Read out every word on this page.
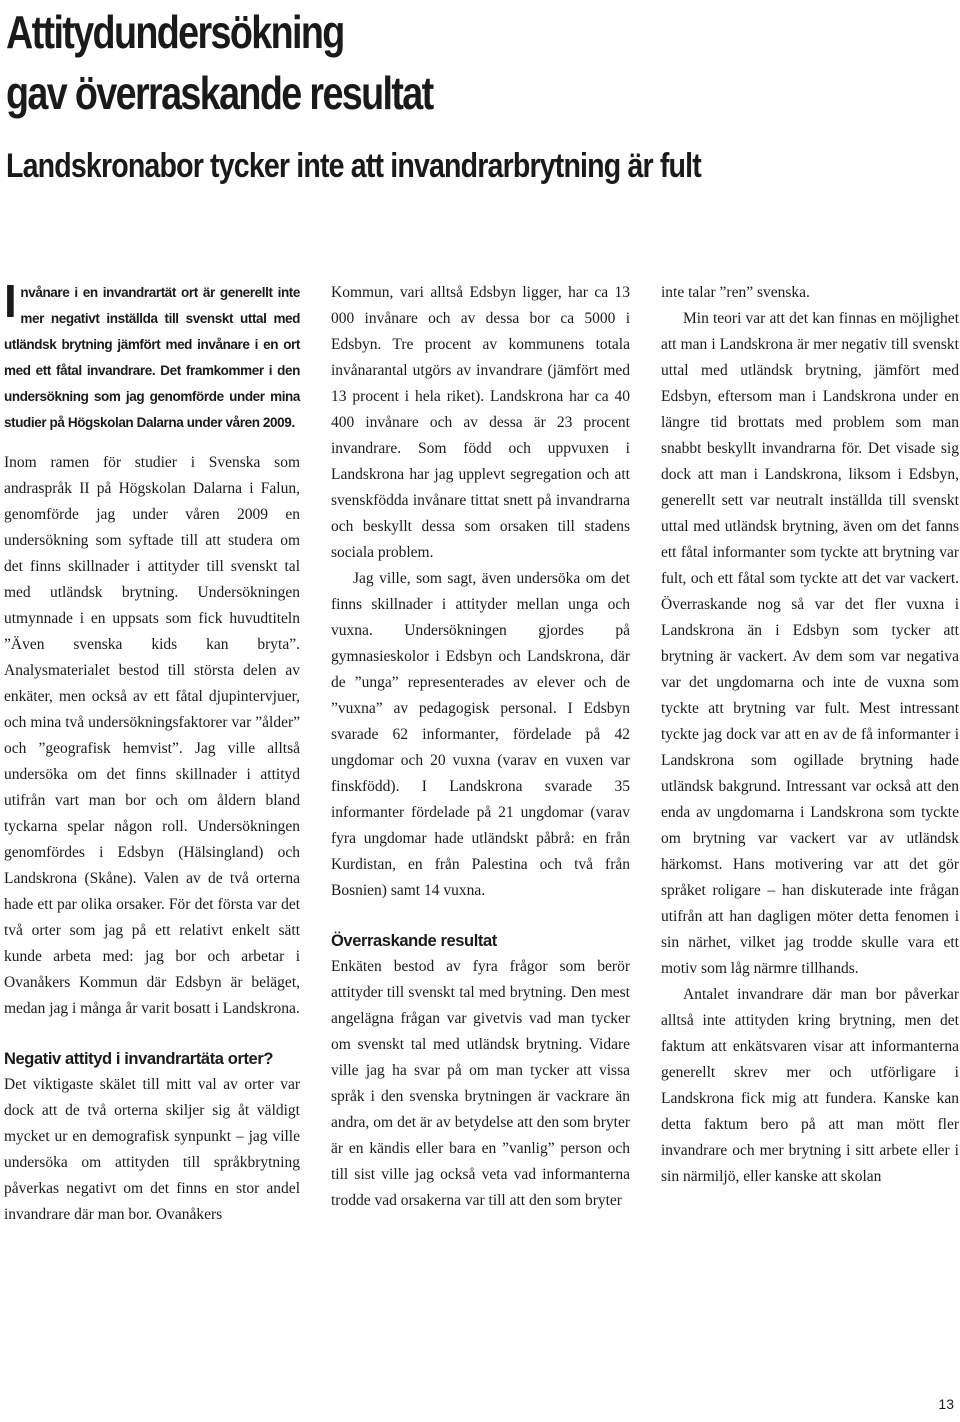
Attitydundersökning
gav överraskande resultat
Landskronabor tycker inte att invandrarbrytning är fult

Invånare i en invandrartät ort är generellt inte mer negativt inställda till svenskt uttal med utländsk brytning jämfört med invånare i en ort med ett fåtal invandrare. Det framkommer i den undersökning som jag genomförde under mina studier på Högskolan Dalarna under våren 2009.

Inom ramen för studier i Svenska som andraspråk II på Högskolan Dalarna i Falun, genomförde jag under våren 2009 en undersökning som syftade till att studera om det finns skillnader i attityder till svenskt tal med utländsk brytning. Undersökningen utmynnade i en uppsats som fick huvudtiteln ”Även svenska kids kan bryta”. Analysmaterialet bestod till största delen av enkäter, men också av ett fåtal djupintervjuer, och mina två undersökningsfaktorer var ”ålder” och ”geografisk hemvist”. Jag ville alltså undersöka om det finns skillnader i attityd utifrån vart man bor och om åldern bland tyckarna spelar någon roll. Undersökningen genomfördes i Edsbyn (Hälsingland) och Landskrona (Skåne). Valen av de två orterna hade ett par olika orsaker. För det första var det två orter som jag på ett relativt enkelt sätt kunde arbeta med: jag bor och arbetar i Ovanåkers Kommun där Edsbyn är beläget, medan jag i många år varit bosatt i Landskrona.

Negativ attityd i invandrartäta orter?

Det viktigaste skälet till mitt val av orter var dock att de två orterna skiljer sig åt väldigt mycket ur en demografisk synpunkt – jag ville undersöka om attityden till språkbrytning påverkas negativt om det finns en stor andel invandrare där man bor. Ovanåkers

Kommun, vari alltså Edsbyn ligger, har ca 13 000 invånare och av dessa bor ca 5000 i Edsbyn. Tre procent av kommunens totala invånarantal utgörs av invandrare (jämfört med 13 procent i hela riket). Landskrona har ca 40 400 invånare och av dessa är 23 procent invandrare. Som född och uppvuxen i Landskrona har jag upplevt segregation och att svenskfödda invånare tittat snett på invandrarna och beskyllt dessa som orsaken till stadens sociala problem.

Jag ville, som sagt, även undersöka om det finns skillnader i attityder mellan unga och vuxna. Undersökningen gjordes på gymnasieskolor i Edsbyn och Landskrona, där de ”unga” representerades av elever och de ”vuxna” av pedagogisk personal. I Edsbyn svarade 62 informanter, fördelade på 42 ungdomar och 20 vuxna (varav en vuxen var finskfödd). I Landskrona svarade 35 informanter fördelade på 21 ungdomar (varav fyra ungdomar hade utländskt påbrå: en från Kurdistan, en från Palestina och två från Bosnien) samt 14 vuxna.

Överraskande resultat

Enkäten bestod av fyra frågor som berör attityder till svenskt tal med brytning. Den mest angelägna frågan var givetvis vad man tycker om svenskt tal med utländsk brytning. Vidare ville jag ha svar på om man tycker att vissa språk i den svenska brytningen är vackrare än andra, om det är av betydelse att den som bryter är en kändis eller bara en ”vanlig” person och till sist ville jag också veta vad informanterna trodde vad orsakerna var till att den som bryter

inte talar ”ren” svenska.

Min teori var att det kan finnas en möjlighet att man i Landskrona är mer negativ till svenskt uttal med utländsk brytning, jämfört med Edsbyn, eftersom man i Landskrona under en längre tid brottats med problem som man snabbt beskyllt invandrarna för. Det visade sig dock att man i Landskrona, liksom i Edsbyn, generellt sett var neutralt inställda till svenskt uttal med utländsk brytning, även om det fanns ett fåtal informanter som tyckte att brytning var fult, och ett fåtal som tyckte att det var vackert. Överraskande nog så var det fler vuxna i Landskrona än i Edsbyn som tycker att brytning är vackert. Av dem som var negativa var det ungdomarna och inte de vuxna som tyckte att brytning var fult. Mest intressant tyckte jag dock var att en av de få informanter i Landskrona som ogillade brytning hade utländsk bakgrund. Intressant var också att den enda av ungdomarna i Landskrona som tyckte om brytning var vackert var av utländsk härkomst. Hans motivering var att det gör språket roligare – han diskuterade inte frågan utifrån att han dagligen möter detta fenomen i sin närhet, vilket jag trodde skulle vara ett motiv som låg närmre tillhands.

Antalet invandrare där man bor påverkar alltså inte attityden kring brytning, men det faktum att enkätsvaren visar att informanterna generellt skrev mer och utförligare i Landskrona fick mig att fundera. Kanske kan detta faktum bero på att man mött fler invandrare och mer brytning i sitt arbete eller i sin närmiljö, eller kanske att skolan

13
